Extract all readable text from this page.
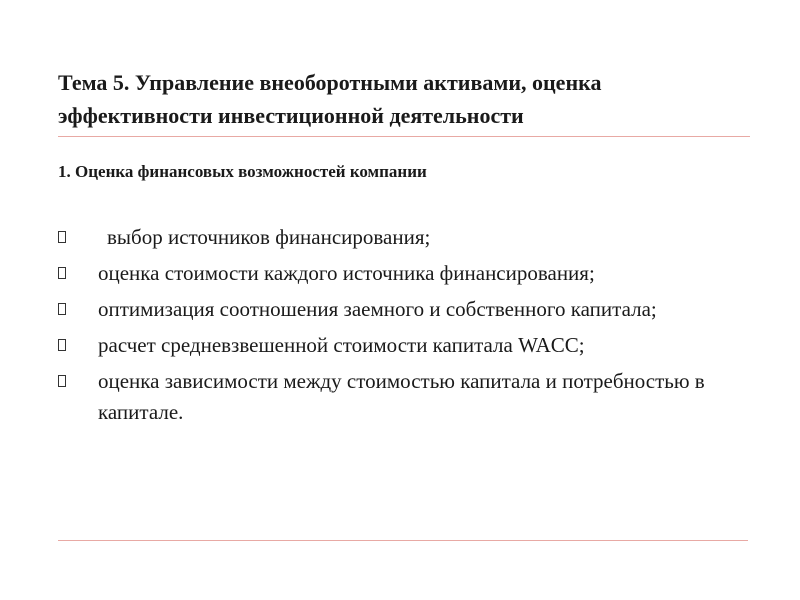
Тема 5. Управление внеоборотными активами, оценка эффективности инвестиционной деятельности
1. Оценка финансовых возможностей компании
выбор источников финансирования;
оценка стоимости каждого источника финансирования;
оптимизация соотношения заемного и собственного капитала;
расчет средневзвешенной стоимости капитала WACC;
оценка зависимости между стоимостью капитала и потребностью в капитале.
